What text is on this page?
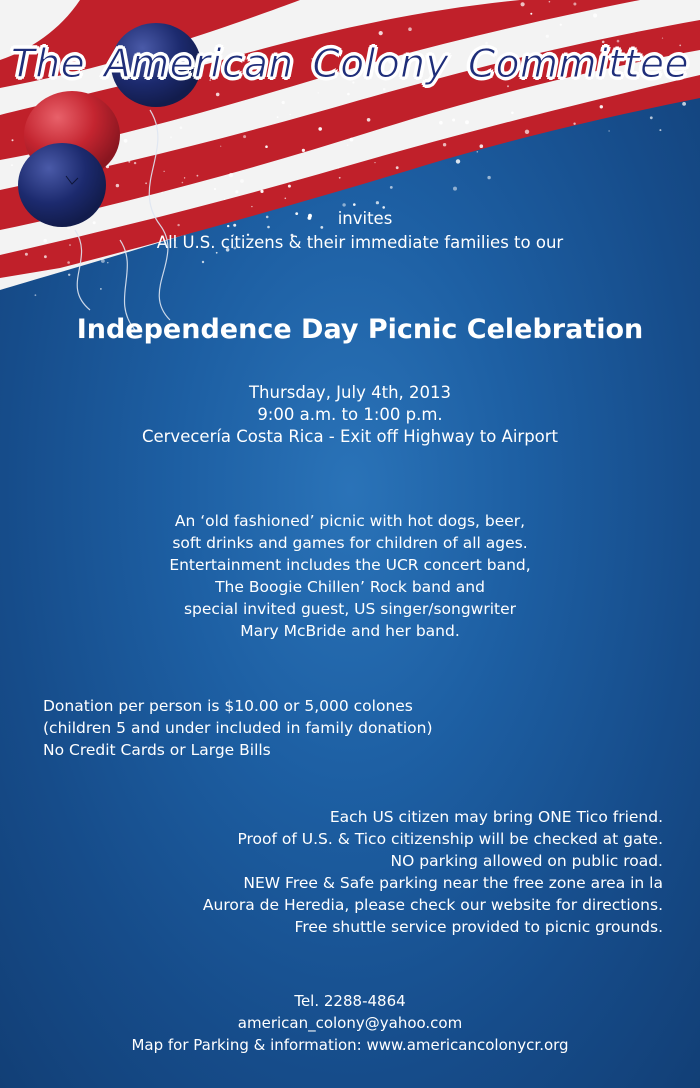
The American Colony Committee
invites
All U.S. citizens & their immediate families to our
Independence Day Picnic Celebration
Thursday, July 4th, 2013
9:00 a.m. to 1:00 p.m.
Cervecería Costa Rica - Exit off Highway to Airport
An ‘old fashioned’ picnic with hot dogs, beer,
soft drinks and games for children of all ages.
Entertainment includes the UCR concert band,
The Boogie Chillen’ Rock band and
special invited guest, US singer/songwriter
Mary McBride and her band.
Donation per person is $10.00 or 5,000 colones
(children 5 and under included in family donation)
No Credit Cards or Large Bills
Each US citizen may bring ONE Tico friend.
Proof of U.S. & Tico citizenship will be checked at gate.
NO parking allowed on public road.
NEW Free & Safe parking near the free zone area in la
Aurora de Heredia, please check our website for directions.
Free shuttle service provided to picnic grounds.
Tel. 2288-4864
american_colony@yahoo.com
Map for Parking & information: www.americancolonycr.org
